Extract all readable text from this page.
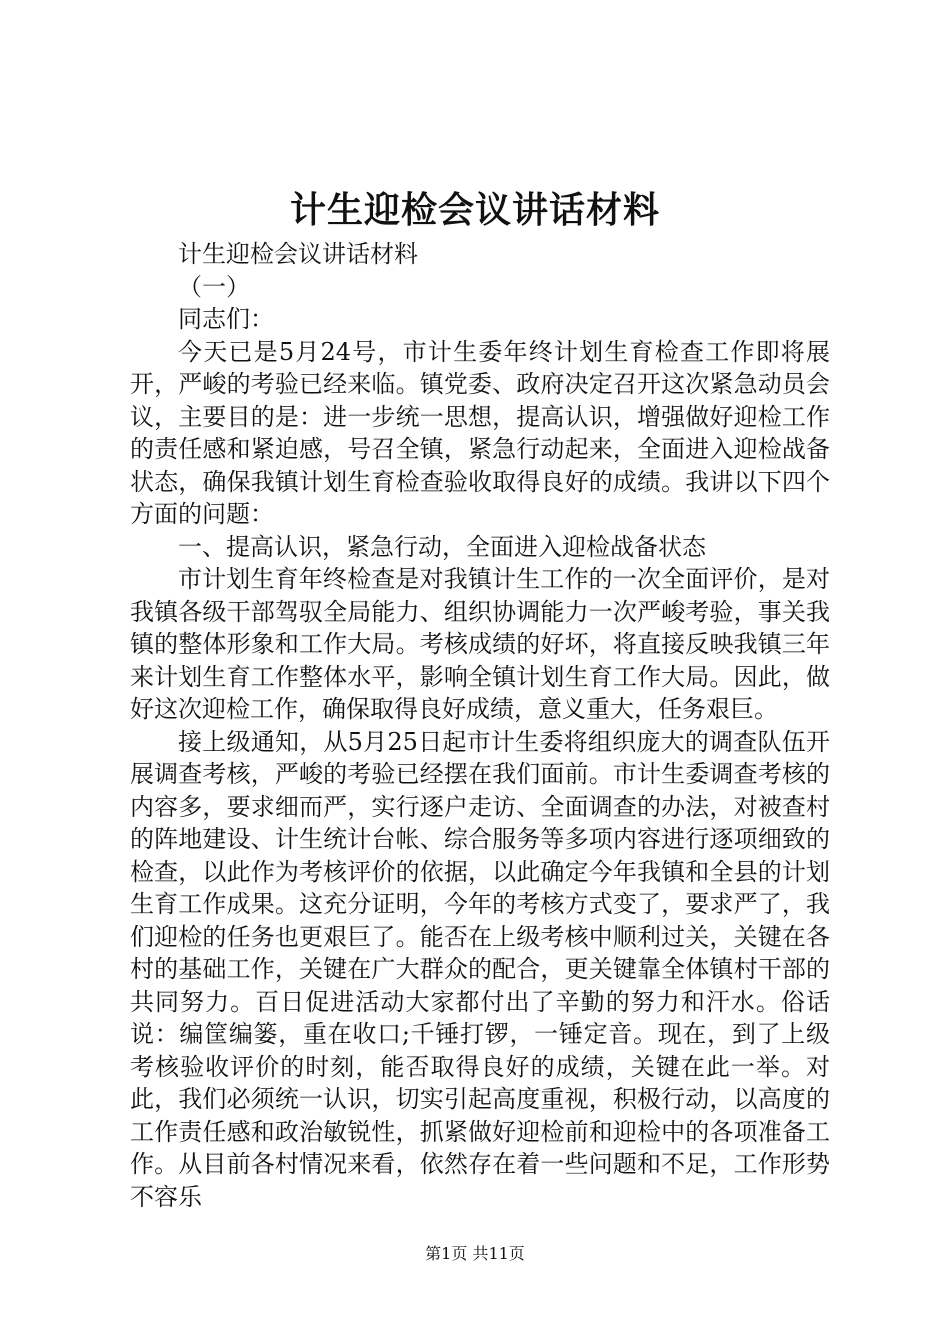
计生迎检会议讲话材料

计生迎检会议讲话材料

（一）

同志们：

今天已是5月24号，市计生委年终计划生育检查工作即将展开，严峻的考验已经来临。镇党委、政府决定召开这次紧急动员会议，主要目的是：进一步统一思想，提高认识，增强做好迎检工作的责任感和紧迫感，号召全镇，紧急行动起来，全面进入迎检战备状态，确保我镇计划生育检查验收取得良好的成绩。我讲以下四个方面的问题：

一、提高认识，紧急行动，全面进入迎检战备状态

市计划生育年终检查是对我镇计生工作的一次全面评价，是对我镇各级干部驾驭全局能力、组织协调能力一次严峻考验，事关我镇的整体形象和工作大局。考核成绩的好坏，将直接反映我镇三年来计划生育工作整体水平，影响全镇计划生育工作大局。因此，做好这次迎检工作，确保取得良好成绩，意义重大，任务艰巨。

接上级通知，从5月25日起市计生委将组织庞大的调查队伍开展调查考核，严峻的考验已经摆在我们面前。市计生委调查考核的内容多，要求细而严，实行逐户走访、全面调查的办法，对被查村的阵地建设、计生统计台帐、综合服务等多项内容进行逐项细致的检查，以此作为考核评价的依据，以此确定今年我镇和全县的计划生育工作成果。这充分证明，今年的考核方式变了，要求严了，我们迎检的任务也更艰巨了。能否在上级考核中顺利过关，关键在各村的基础工作，关键在广大群众的配合，更关键靠全体镇村干部的共同努力。百日促进活动大家都付出了辛勤的努力和汗水。俗话说：编筐编篓，重在收口;千锤打锣，一锤定音。现在，到了上级考核验收评价的时刻，能否取得良好的成绩，关键在此一举。对此，我们必须统一认识，切实引起高度重视，积极行动，以高度的工作责任感和政治敏锐性，抓紧做好迎检前和迎检中的各项准备工作。从目前各村情况来看，依然存在着一些问题和不足，工作形势不容乐

第1页 共11页
